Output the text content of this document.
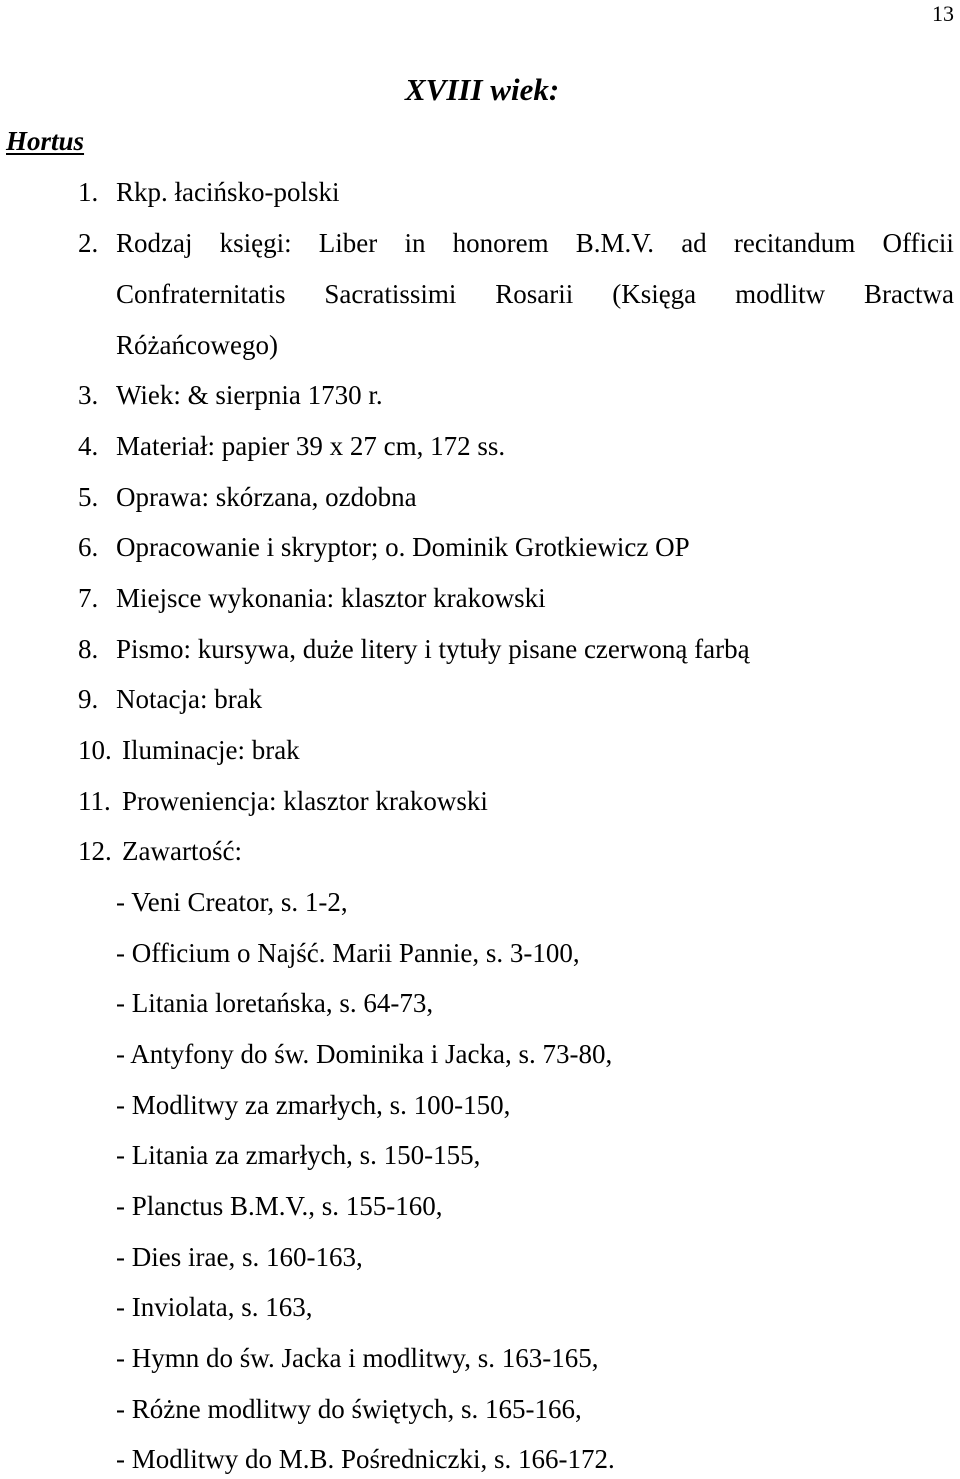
13
XVIII wiek:
Hortus
1. Rkp. łacińsko-polski
2. Rodzaj księgi: Liber in honorem B.M.V. ad recitandum Officii
Confraternitatis Sacratissimi Rosarii (Księga modlitw Bractwa
Różańcowego)
3. Wiek: & sierpnia 1730 r.
4. Materiał: papier 39 x 27 cm, 172 ss.
5. Oprawa: skórzana, ozdobna
6. Opracowanie i skryptor; o. Dominik Grotkiewicz OP
7. Miejsce wykonania: klasztor krakowski
8. Pismo: kursywa, duże litery i tytuły pisane czerwoną farbą
9. Notacja: brak
10. Iluminacje: brak
11. Proweniencja: klasztor krakowski
12. Zawartość:
- Veni Creator, s. 1-2,
- Officium o Najść. Marii Pannie, s. 3-100,
- Litania loretańska, s. 64-73,
- Antyfony do św. Dominika i Jacka, s. 73-80,
- Modlitwy za zmarłych, s. 100-150,
- Litania za zmarłych, s. 150-155,
- Planctus B.M.V., s. 155-160,
- Dies irae, s. 160-163,
- Inviolata, s. 163,
- Hymn do św. Jacka i modlitwy, s. 163-165,
- Różne modlitwy do świętych, s. 165-166,
- Modlitwy do M.B. Pośredniczki, s. 166-172.
